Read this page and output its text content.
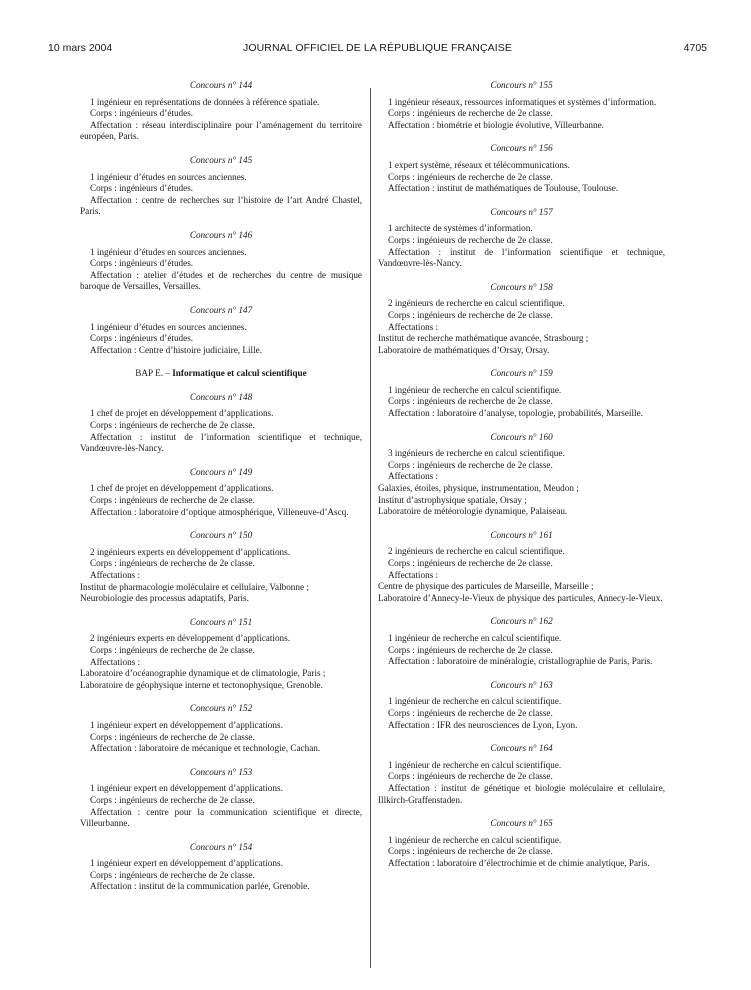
10 mars 2004	JOURNAL OFFICIEL DE LA RÉPUBLIQUE FRANÇAISE	4705

Concours n° 144

1 ingénieur en représentations de données à référence spatiale.

Corps : ingénieurs d’études.

Affectation : réseau interdisciplinaire pour l’aménagement du territoire européen, Paris.

Concours n° 145

1 ingénieur d’études en sources anciennes.

Corps : ingénieurs d’études.

Affectation : centre de recherches sur l’histoire de l’art André Chastel, Paris.

Concours n° 146

1 ingénieur d’études en sources anciennes.

Corps : ingénieurs d’études.

Affectation : atelier d’études et de recherches du centre de musique baroque de Versailles, Versailles.

Concours n° 147

1 ingénieur d’études en sources anciennes.

Corps : ingénieurs d’études.

Affectation : Centre d’histoire judiciaire, Lille.

BAP E. – Informatique et calcul scientifique

Concours n° 148

1 chef de projet en développement d’applications.

Corps : ingénieurs de recherche de 2e classe.

Affectation : institut de l’information scientifique et technique, Vandœuvre-lès-Nancy.

Concours n° 149

1 chef de projet en développement d’applications.

Corps : ingénieurs de recherche de 2e classe.

Affectation : laboratoire d’optique atmosphérique, Villeneuve-d’Ascq.

Concours n° 150

2 ingénieurs experts en développement d’applications.

Corps : ingénieurs de recherche de 2e classe.

Affectations :

Institut de pharmacologie moléculaire et cellulaire, Valbonne ;

Neurobiologie des processus adaptatifs, Paris.

Concours n° 151

2 ingénieurs experts en développement d’applications.

Corps : ingénieurs de recherche de 2e classe.

Affectations :

Laboratoire d’océanographie dynamique et de climatologie, Paris ;

Laboratoire de géophysique interne et tectonophysique, Grenoble.

Concours n° 152

1 ingénieur expert en développement d’applications.

Corps : ingénieurs de recherche de 2e classe.

Affectation : laboratoire de mécanique et technologie, Cachan.

Concours n° 153

1 ingénieur expert en développement d’applications.

Corps : ingénieurs de recherche de 2e classe.

Affectation : centre pour la communication scientifique et directe, Villeurbanne.

Concours n° 154

1 ingénieur expert en développement d’applications.

Corps : ingénieurs de recherche de 2e classe.

Affectation : institut de la communication parlée, Grenoble.

Concours n° 155

1 ingénieur réseaux, ressources informatiques et systèmes d’information.

Corps : ingénieurs de recherche de 2e classe.

Affectation : biométrie et biologie évolutive, Villeurbanne.

Concours n° 156

1 expert système, réseaux et télécommunications.

Corps : ingénieurs de recherche de 2e classe.

Affectation : institut de mathématiques de Toulouse, Toulouse.

Concours n° 157

1 architecte de systèmes d’information.

Corps : ingénieurs de recherche de 2e classe.

Affectation : institut de l’information scientifique et technique, Vandœuvre-lès-Nancy.

Concours n° 158

2 ingénieurs de recherche en calcul scientifique.

Corps : ingénieurs de recherche de 2e classe.

Affectations :

Institut de recherche mathématique avancée, Strasbourg ;

Laboratoire de mathématiques d’Orsay, Orsay.

Concours n° 159

1 ingénieur de recherche en calcul scientifique.

Corps : ingénieurs de recherche de 2e classe.

Affectation : laboratoire d’analyse, topologie, probabilités, Marseille.

Concours n° 160

3 ingénieurs de recherche en calcul scientifique.

Corps : ingénieurs de recherche de 2e classe.

Affectations :

Galaxies, étoiles, physique, instrumentation, Meudon ;

Institut d’astrophysique spatiale, Orsay ;

Laboratoire de météorologie dynamique, Palaiseau.

Concours n° 161

2 ingénieurs de recherche en calcul scientifique.

Corps : ingénieurs de recherche de 2e classe.

Affectations :

Centre de physique des particules de Marseille, Marseille ;

Laboratoire d’Annecy-le-Vieux de physique des particules, Annecy-le-Vieux.

Concours n° 162

1 ingénieur de recherche en calcul scientifique.

Corps : ingénieurs de recherche de 2e classe.

Affectation : laboratoire de minéralogie, cristallographie de Paris, Paris.

Concours n° 163

1 ingénieur de recherche en calcul scientifique.

Corps : ingénieurs de recherche de 2e classe.

Affectation : IFR des neurosciences de Lyon, Lyon.

Concours n° 164

1 ingénieur de recherche en calcul scientifique.

Corps : ingénieurs de recherche de 2e classe.

Affectation : institut de génétique et biologie moléculaire et cellulaire, Illkirch-Graffenstaden.

Concours n° 165

1 ingénieur de recherche en calcul scientifique.

Corps : ingénieurs de recherche de 2e classe.

Affectation : laboratoire d’électrochimie et de chimie analytique, Paris.
